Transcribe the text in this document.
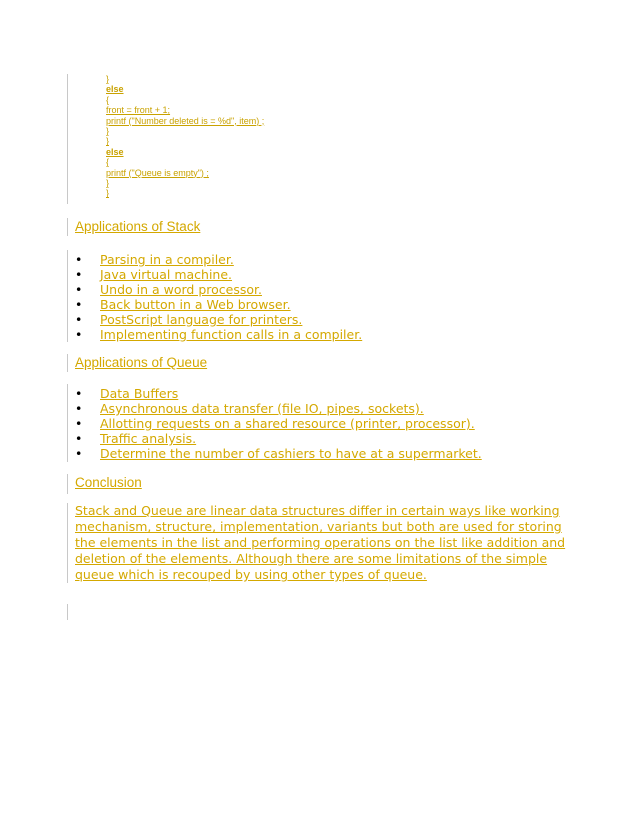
}
else
{
front = front + 1;
printf ("Number deleted is = %d", item) ;
}
}
else
{
printf ("Queue is empty") ;
}
}
Applications of Stack
• Parsing in a compiler.
• Java virtual machine.
• Undo in a word processor.
• Back button in a Web browser.
• PostScript language for printers.
• Implementing function calls in a compiler.
Applications of Queue
• Data Buffers
• Asynchronous data transfer (file IO, pipes, sockets).
• Allotting requests on a shared resource (printer, processor).
• Traffic analysis.
• Determine the number of cashiers to have at a supermarket.
Conclusion
Stack and Queue are linear data structures differ in certain ways like working mechanism, structure, implementation, variants but both are used for storing the elements in the list and performing operations on the list like addition and deletion of the elements. Although there are some limitations of the simple queue which is recouped by using other types of queue.
